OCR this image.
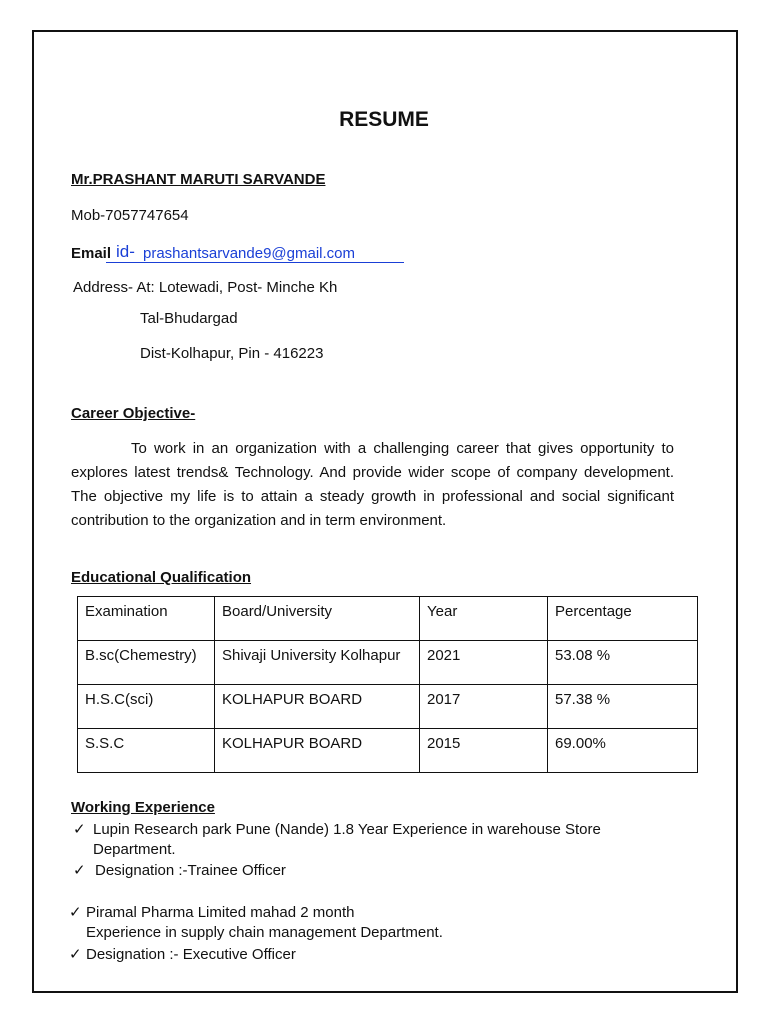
RESUME
Mr.PRASHANT MARUTI SARVANDE
Mob-7057747654
Email id- prashantsarvande9@gmail.com
Address- At: Lotewadi, Post- Minche Kh
Tal-Bhudargad
Dist-Kolhapur, Pin - 416223
Career Objective-
To work in an organization with a challenging career that gives opportunity to explores latest trends& Technology. And provide wider scope of company development. The objective my life is to attain a steady growth in professional and social significant contribution to the organization and in term environment.
Educational Qualification
Examination	Board/University	Year	Percentage
B.sc(Chemestry)	Shivaji University Kolhapur	2021	53.08 %
H.S.C(sci)	KOLHAPUR BOARD	2017	57.38 %
S.S.C	KOLHAPUR BOARD	2015	69.00%
Working Experience
✓ Lupin Research park Pune (Nande) 1.8 Year Experience in warehouse Store
Department.
✓ Designation :-Trainee Officer
✓ Piramal Pharma Limited mahad 2 month
Experience in supply chain management Department.
✓ Designation :- Executive Officer
